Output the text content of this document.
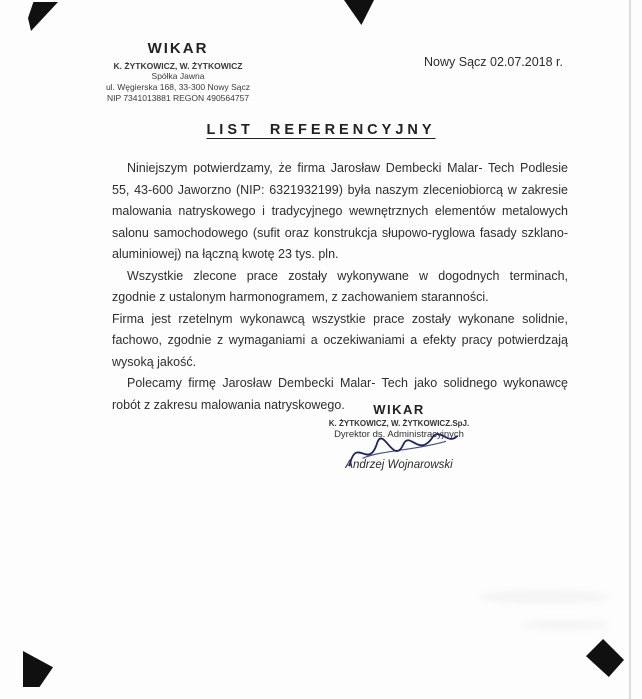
WIKAR
K. ŻYTKOWICZ, W. ŻYTKOWICZ
Spółka Jawna
ul. Węgierska 168, 33-300 Nowy Sącz
NIP 7341013881 REGON 490564757
Nowy Sącz 02.07.2018 r.
LIST REFERENCYJNY

Niniejszym potwierdzamy, że firma Jarosław Dembecki Malar- Tech Podlesie 55, 43-600 Jaworzno (NIP: 6321932199) była naszym zleceniobiorcą w zakresie malowania natryskowego i tradycyjnego wewnętrznych elementów metalowych salonu samochodowego (sufit oraz konstrukcja słupowo-ryglowa fasady szklano-aluminiowej) na łączną kwotę 23 tys. pln.

Wszystkie zlecone prace zostały wykonywane w dogodnych terminach, zgodnie z ustalonym harmonogramem, z zachowaniem staranności.

Firma jest rzetelnym wykonawcą wszystkie prace zostały wykonane solidnie, fachowo, zgodnie z wymaganiami a oczekiwaniami a efekty pracy potwierdzają wysoką jakość.

Polecamy firmę Jarosław Dembecki Malar- Tech jako solidnego wykonawcę robót z zakresu malowania natryskowego.	WIKAR
K. ŻYTKOWICZ, W. ŻYTKOWICZ.SpJ.
Dyrektor ds. Administracyjnych
Andrzej Wojnarowski
